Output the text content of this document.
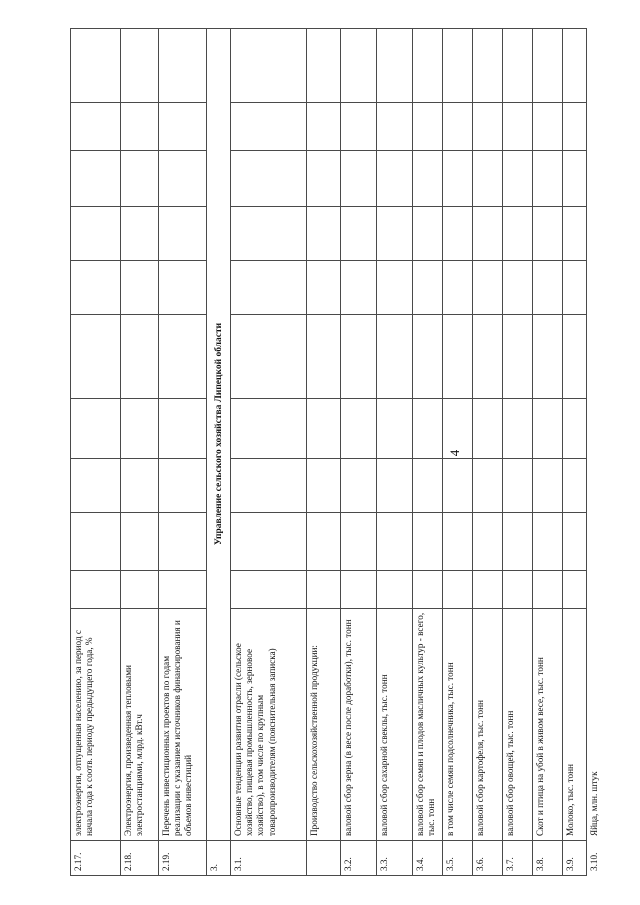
4
2.17.
электроэнергия, отпущенная населению, за период с начала года к соотв. периоду предыдущего года, %
2.18.
Электроэнергия, произведенная тепловыми электростанциями, млрд. кВт.ч
2.19.
Перечень инвестиционных проектов по годам реализации с указанием источников финансирования и объемов инвестиций
3.
Управление сельского хозяйства Липецкой области
3.1.
Основные тенденции развития отрасли (сельское хозяйство, пищевая промышленность, зерновое хозяйство), в том числе по крупным товаропроизводителям (пояснительная записка)	Производство сельскохозяйственной продукции:
3.2.
валовой сбор зерна (в весе после доработки), тыс. тонн
3.3.
валовой сбор сахарной свеклы, тыс. тонн
3.4.
валовой сбор семян и плодов масличных культур - всего, тыс. тонн
3.5.
в том числе семян подсолнечника, тыс. тонн
3.6.
валовой сбор картофеля, тыс. тонн
3.7.
валовой сбор овощей, тыс. тонн
3.8.
Скот и птица на убой в живом весе, тыс. тонн
3.9.
Молоко, тыс. тонн
3.10.
Яйца, млн. штук
